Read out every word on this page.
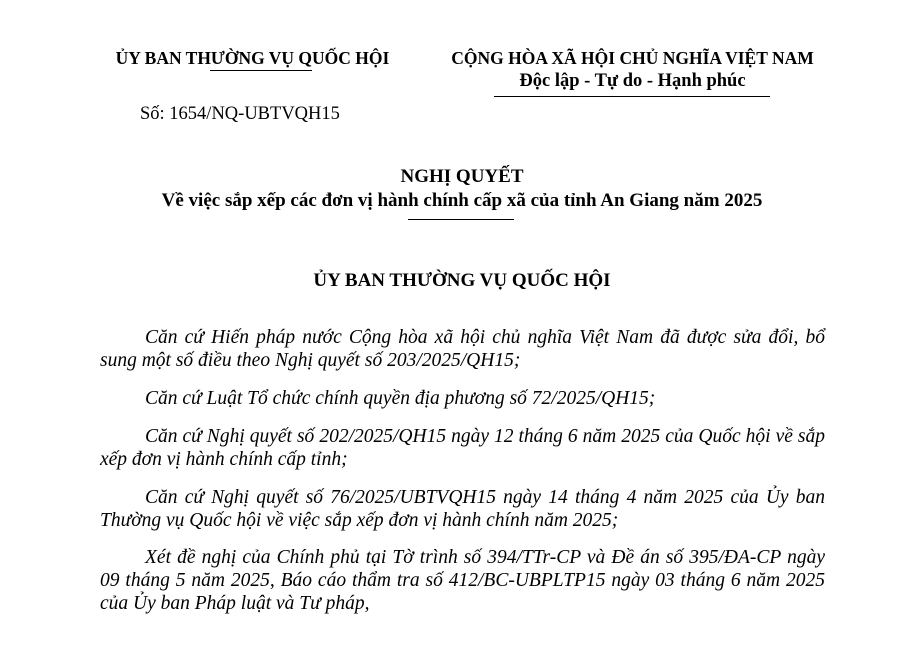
ỦY BAN THƯỜNG VỤ QUỐC HỘI	CỘNG HÒA XÃ HỘI CHỦ NGHĨA VIỆT NAM
Độc lập - Tự do - Hạnh phúc
Số: 1654/NQ-UBTVQH15
NGHỊ QUYẾT
Về việc sắp xếp các đơn vị hành chính cấp xã của tỉnh An Giang năm 2025
ỦY BAN THƯỜNG VỤ QUỐC HỘI

Căn cứ Hiến pháp nước Cộng hòa xã hội chủ nghĩa Việt Nam đã được sửa đổi, bổ sung một số điều theo Nghị quyết số 203/2025/QH15;

Căn cứ Luật Tổ chức chính quyền địa phương số 72/2025/QH15;

Căn cứ Nghị quyết số 202/2025/QH15 ngày 12 tháng 6 năm 2025 của Quốc hội về sắp xếp đơn vị hành chính cấp tỉnh;

Căn cứ Nghị quyết số 76/2025/UBTVQH15 ngày 14 tháng 4 năm 2025 của Ủy ban Thường vụ Quốc hội về việc sắp xếp đơn vị hành chính năm 2025;

Xét đề nghị của Chính phủ tại Tờ trình số 394/TTr-CP và Đề án số 395/ĐA-CP ngày 09 tháng 5 năm 2025, Báo cáo thẩm tra số 412/BC-UBPLTP15 ngày 03 tháng 6 năm 2025 của Ủy ban Pháp luật và Tư pháp,
